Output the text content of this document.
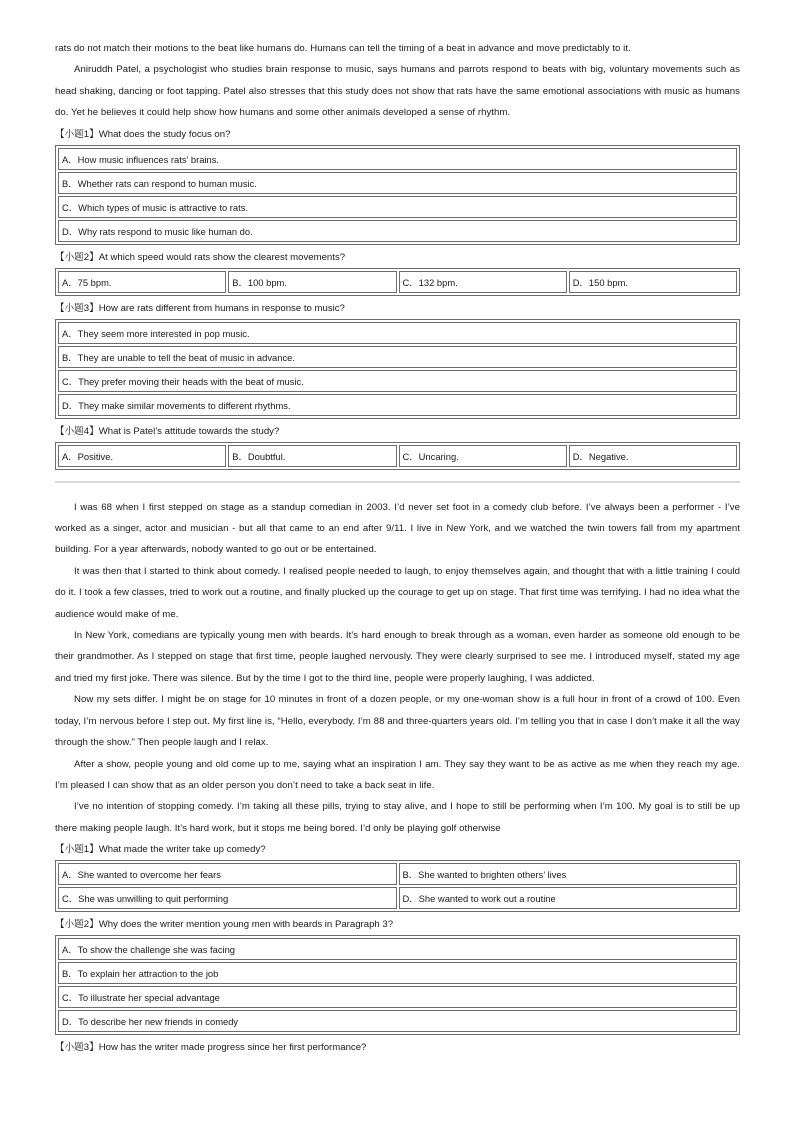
rats do not match their motions to the beat like humans do. Humans can tell the timing of a beat in advance and move predictably to it.

Aniruddh Patel, a psychologist who studies brain response to music, says humans and parrots respond to beats with big, voluntary movements such as head shaking, dancing or foot tapping. Patel also stresses that this study does not show that rats have the same emotional associations with music as humans do. Yet he believes it could help show how humans and some other animals developed a sense of rhythm.

【小题1】What does the study focus on?

A．How music influences rats’ brains.
B．Whether rats can respond to human music.
C．Which types of music is attractive to rats.
D．Why rats respond to music like human do.

【小题2】At which speed would rats show the clearest movements?

A．75 bpm.	B．100 bpm.	C．132 bpm.	D．150 bpm.

【小题3】How are rats different from humans in response to music?

A．They seem more interested in pop music.
B．They are unable to tell the beat of music in advance.
C．They prefer moving their heads with the beat of music.
D．They make similar movements to different rhythms.

【小题4】What is Patel’s attitude towards the study?

A．Positive.	B．Doubtful.	C．Uncaring.	D．Negative.

I was 68 when I first stepped on stage as a standup comedian in 2003. I’d never set foot in a comedy club before. I’ve always been a performer - I’ve worked as a singer, actor and musician - but all that came to an end after 9/11. I live in New York, and we watched the twin towers fall from my apartment building. For a year afterwards, nobody wanted to go out or be entertained.

It was then that I started to think about comedy. I realised people needed to laugh, to enjoy themselves again, and thought that with a little training I could do it. I took a few classes, tried to work out a routine, and finally plucked up the courage to get up on stage. That first time was terrifying. I had no idea what the audience would make of me.

In New York, comedians are typically young men with beards. It’s hard enough to break through as a woman, even harder as someone old enough to be their grandmother. As I stepped on stage that first time, people laughed nervously. They were clearly surprised to see me. I introduced myself, stated my age and tried my first joke. There was silence. But by the time I got to the third line, people were properly laughing, I was addicted.

Now my sets differ. I might be on stage for 10 minutes in front of a dozen people, or my one-woman show is a full hour in front of a crowd of 100. Even today, I’m nervous before I step out. My first line is, “Hello, everybody. I’m 88 and three-quarters years old. I’m telling you that in case I don’t make it all the way through the show.” Then people laugh and I relax.

After a show, people young and old come up to me, saying what an inspiration I am. They say they want to be as active as me when they reach my age. I’m pleased I can show that as an older person you don’t need to take a back seat in life.

I’ve no intention of stopping comedy. I’m taking all these pills, trying to stay alive, and I hope to still be performing when I’m 100. My goal is to still be up there making people laugh. It’s hard work, but it stops me being bored. I’d only be playing golf otherwise

【小题1】What made the writer take up comedy?

A．She wanted to overcome her fears	B．She wanted to brighten others’ lives
C．She was unwilling to quit performing	D．She wanted to work out a routine

【小题2】Why does the writer mention young men with beards in Paragraph 3?

A．To show the challenge she was facing
B．To explain her attraction to the job
C．To illustrate her special advantage
D．To describe her new friends in comedy

【小题3】How has the writer made progress since her first performance?
